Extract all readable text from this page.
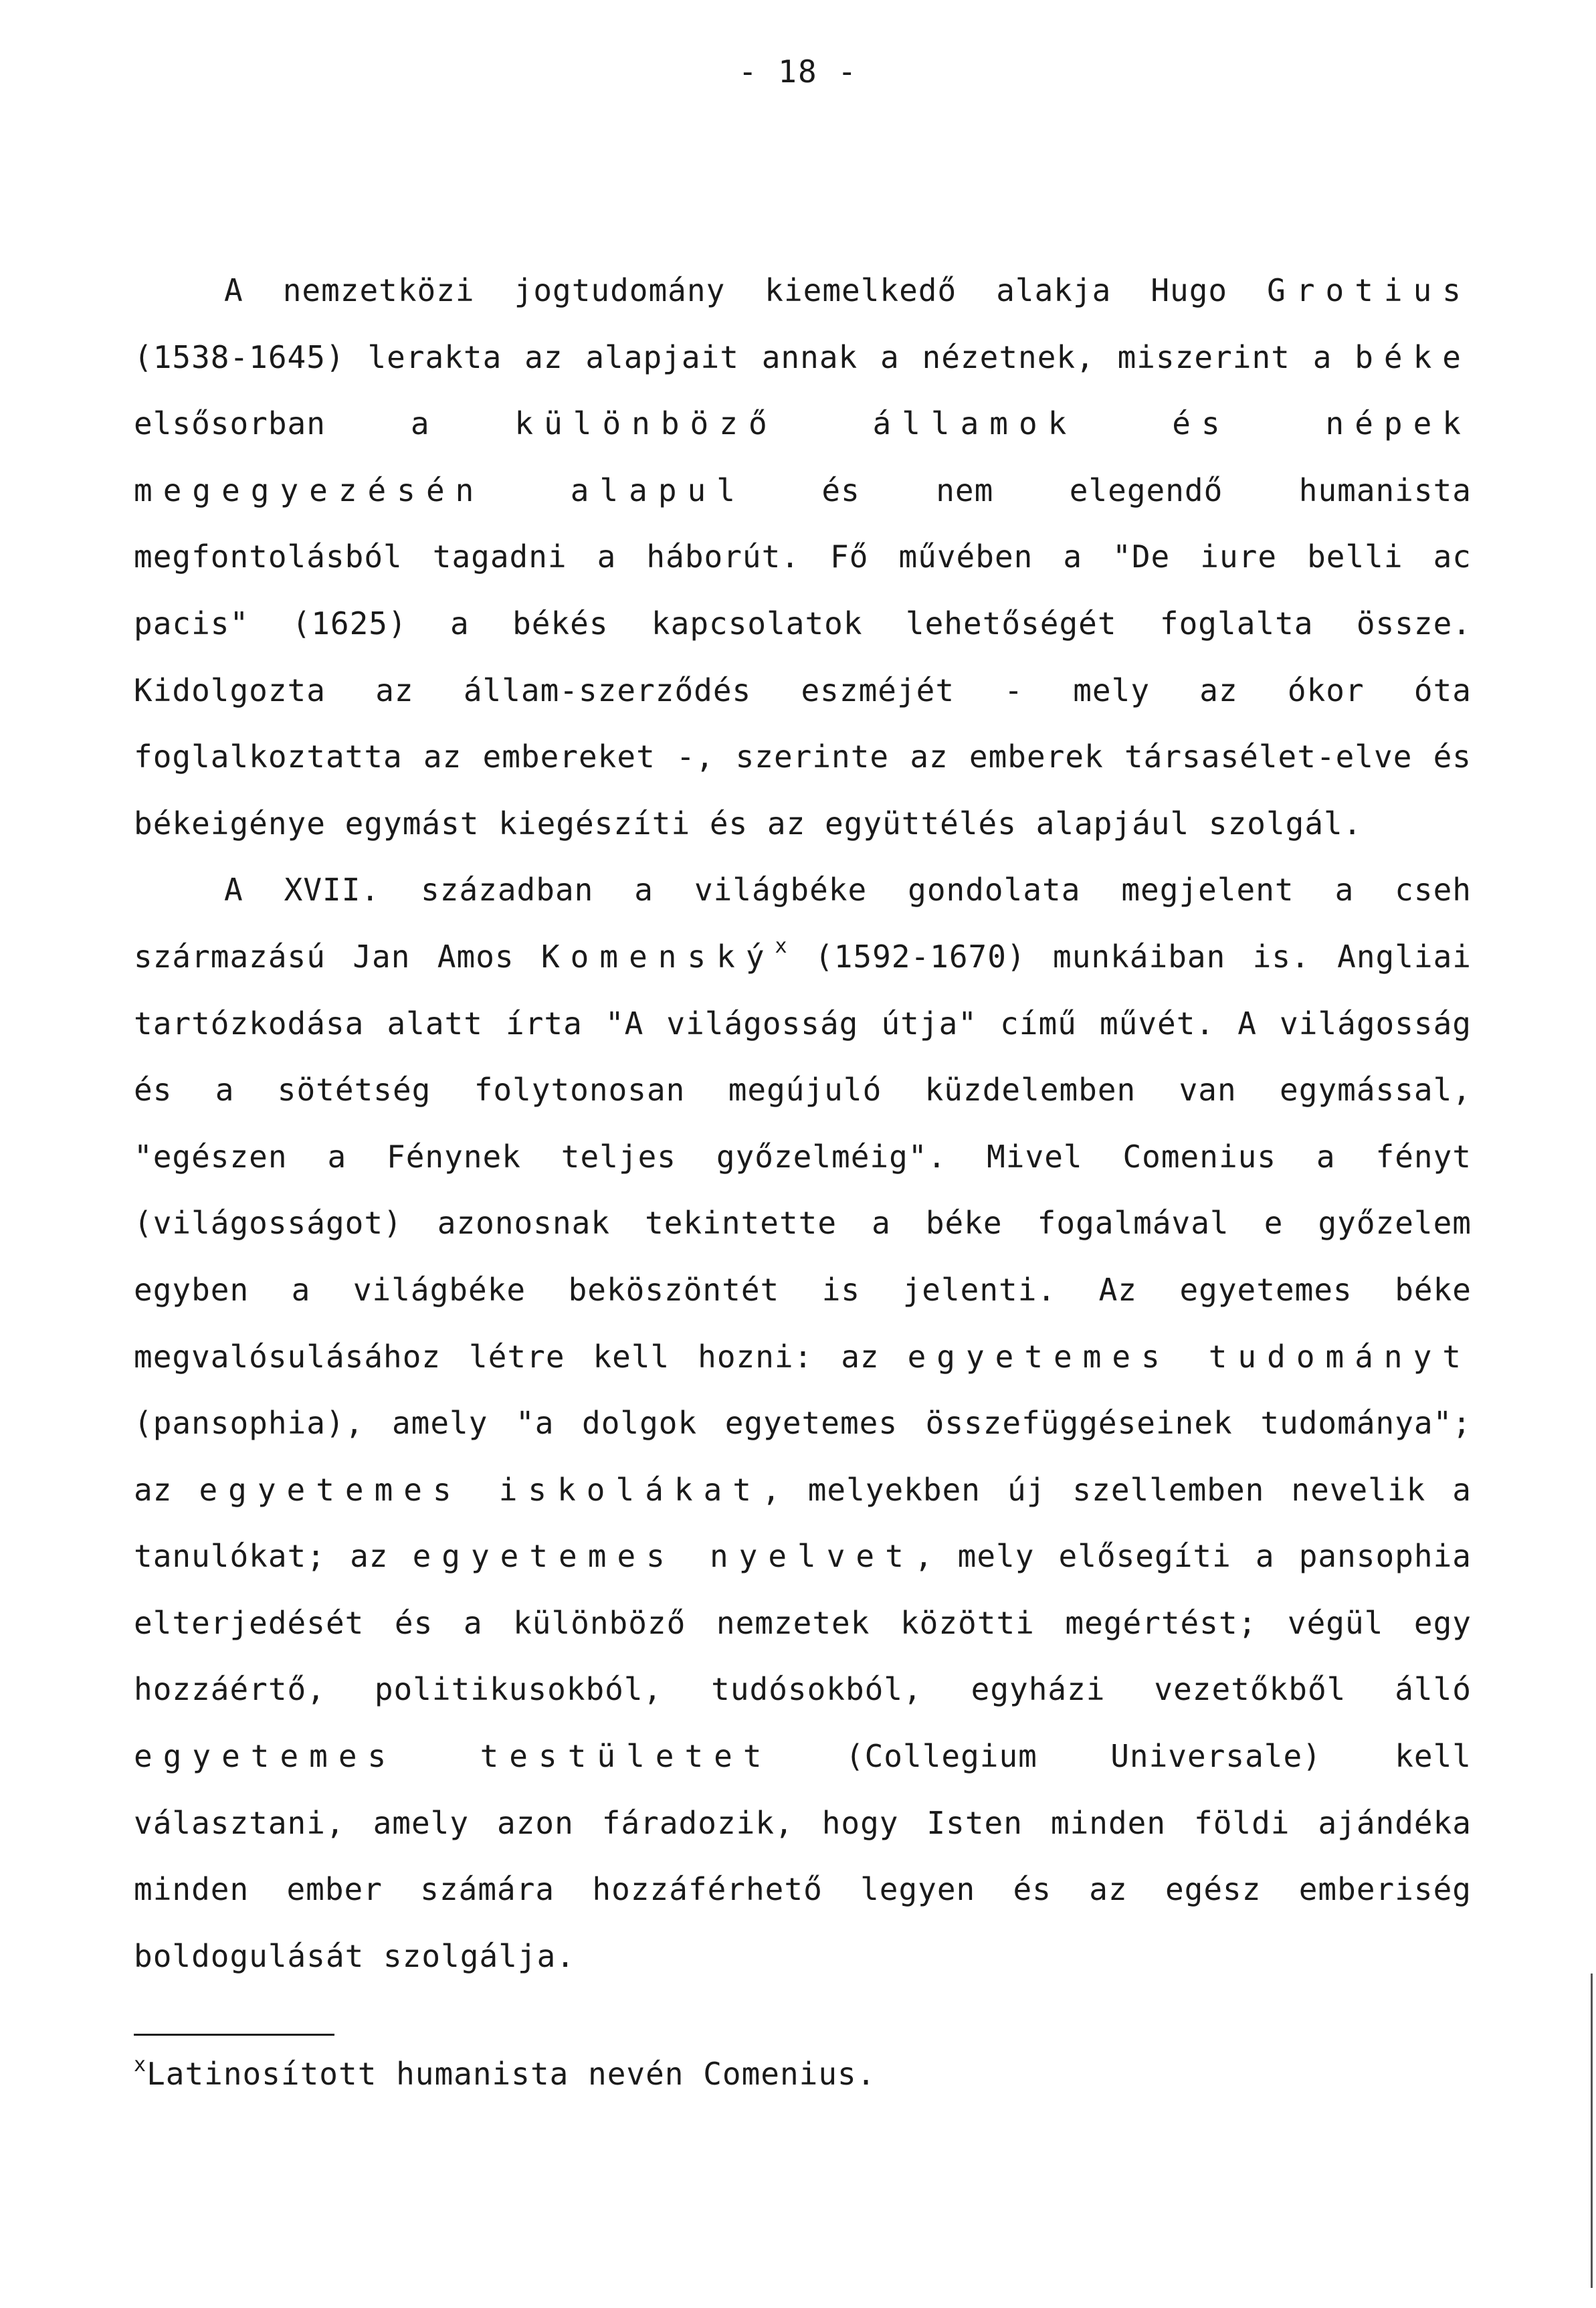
- 18 -

A nemzetközi jogtudomány kiemelkedő alakja Hugo Grotius (1538-1645) lerakta az alapjait annak a nézetnek, miszerint a béke elsősorban a különböző államok és népek megegyezésén alapul és nem elegendő humanista megfontolásból tagadni a háborút. Fő művében a "De iure belli ac pacis" (1625) a békés kapcsolatok lehetőségét foglalta össze. Kidolgozta az állam-szerződés eszméjét - mely az ókor óta foglalkoztatta az embereket -, szerinte az emberek társasélet-elve és békeigénye egymást kiegészíti és az együttélés alapjául szolgál.

A XVII. században a világbéke gondolata megjelent a cseh származású Jan Amos Komenský$^x$ (1592-1670) munkáiban is. Angliai tartózkodása alatt írta "A világosság útja" című művét. A világosság és a sötétség folytonosan megújuló küzdelemben van egymással, "egészen a Fénynek teljes győzelméig". Mivel Comenius a fényt (világosságot) azonosnak tekintette a béke fogalmával e győzelem egyben a világbéke beköszöntét is jelenti. Az egyetemes béke megvalósulásához létre kell hozni: az egyetemes tudományt (pansophia), amely "a dolgok egyetemes összefüggéseinek tudománya"; az egyetemes iskolákat, melyekben új szellemben nevelik a tanulókat; az egyetemes nyelvet, mely elősegíti a pansophia elterjedését és a különböző nemzetek közötti megértést; végül egy hozzáértő, politikusokból, tudósokból, egyházi vezetőkből álló egyetemes testületet (Collegium Universale) kell választani, amely azon fáradozik, hogy Isten minden földi ajándéka minden ember számára hozzáférhető legyen és az egész emberiség boldogulását szolgálja.

$^x$Latinosított humanista nevén Comenius.
